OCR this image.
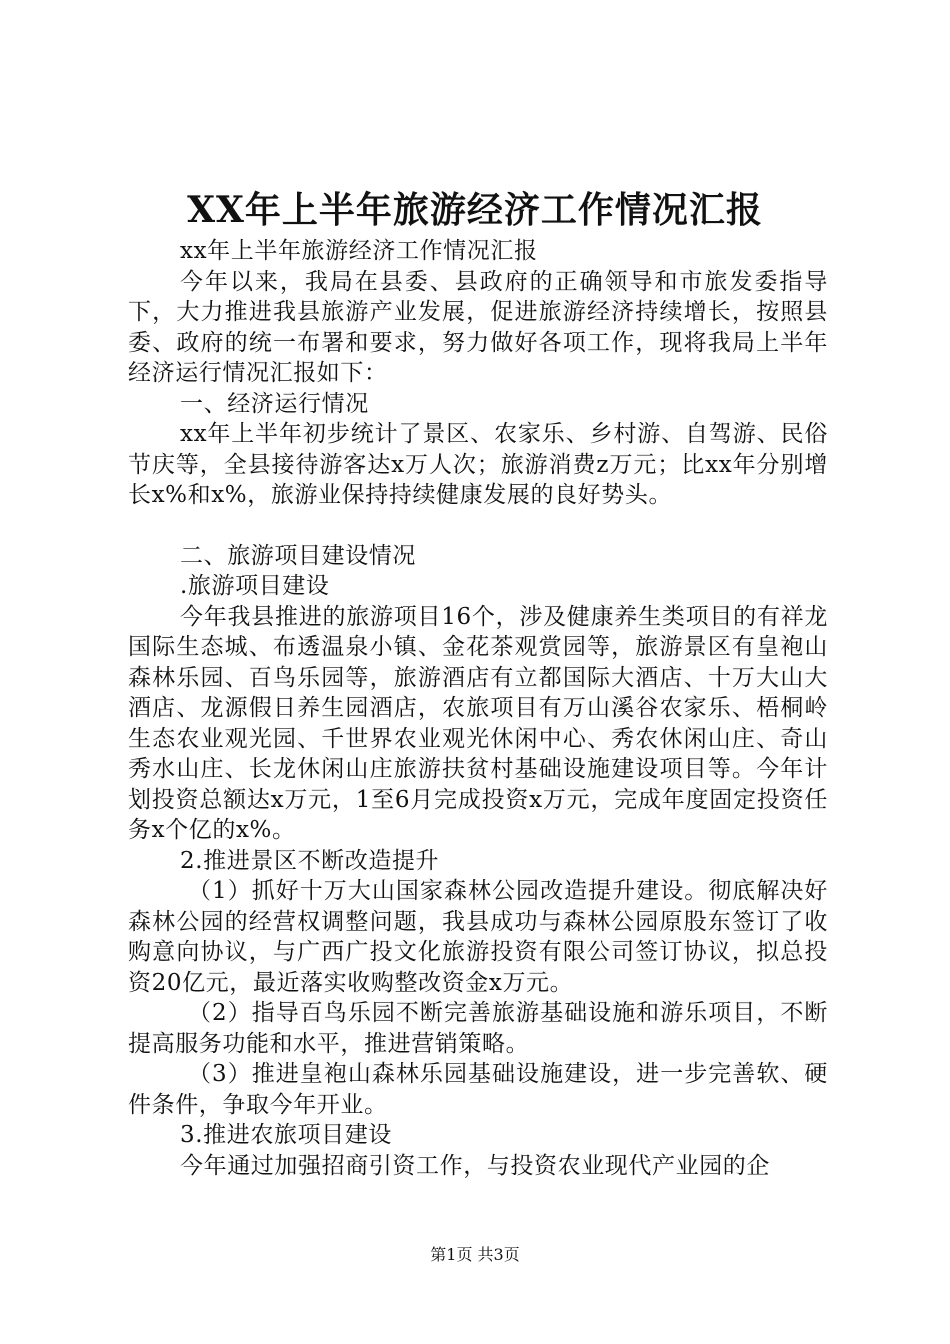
XX年上半年旅游经济工作情况汇报

xx年上半年旅游经济工作情况汇报

今年以来，我局在县委、县政府的正确领导和市旅发委指导下，大力推进我县旅游产业发展，促进旅游经济持续增长，按照县委、政府的统一布署和要求，努力做好各项工作，现将我局上半年经济运行情况汇报如下：

一、经济运行情况

xx年上半年初步统计了景区、农家乐、乡村游、自驾游、民俗节庆等，全县接待游客达x万人次；旅游消费z万元；比xx年分别增长x%和x%，旅游业保持持续健康发展的良好势头。

二、旅游项目建设情况

.旅游项目建设

今年我县推进的旅游项目16个，涉及健康养生类项目的有祥龙国际生态城、布透温泉小镇、金花茶观赏园等，旅游景区有皇袍山森林乐园、百鸟乐园等，旅游酒店有立都国际大酒店、十万大山大酒店、龙源假日养生园酒店，农旅项目有万山溪谷农家乐、梧桐岭生态农业观光园、千世界农业观光休闲中心、秀农休闲山庄、奇山秀水山庄、长龙休闲山庄旅游扶贫村基础设施建设项目等。今年计划投资总额达x万元，1至6月完成投资x万元，完成年度固定投资任务x个亿的x%。

2.推进景区不断改造提升

（1）抓好十万大山国家森林公园改造提升建设。彻底解决好森林公园的经营权调整问题，我县成功与森林公园原股东签订了收购意向协议，与广西广投文化旅游投资有限公司签订协议，拟总投资20亿元，最近落实收购整改资金x万元。

（2）指导百鸟乐园不断完善旅游基础设施和游乐项目，不断提高服务功能和水平，推进营销策略。

（3）推进皇袍山森林乐园基础设施建设，进一步完善软、硬件条件，争取今年开业。

3.推进农旅项目建设

今年通过加强招商引资工作，与投资农业现代产业园的企

第1页 共3页
